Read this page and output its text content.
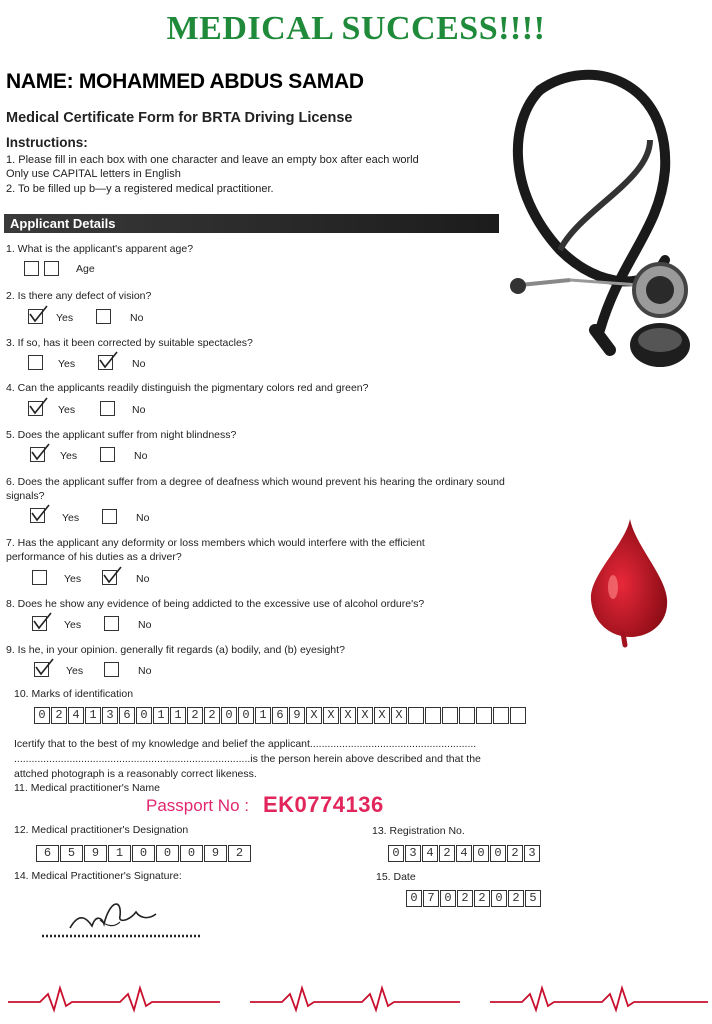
MEDICAL SUCCESS!!!!
NAME: MOHAMMED ABDUS SAMAD
Medical Certificate Form for BRTA Driving License
Instructions:
1. Please fill in each box with one character and leave an empty box after each world
Only use CAPITAL letters in English
2. To be filled up b—y a registered medical practitioner.
Applicant Details
1. What is the applicant's apparent age?
Age
2. Is there any defect of vision?
Yes	No
3. If so, has it been corrected by suitable spectacles?
Yes	No
4. Can the applicants readily distinguish the pigmentary colors red and green?
Yes	No
5. Does the applicant suffer from night blindness?
Yes	No
6. Does the applicant suffer from a degree of deafness which wound prevent his hearing the ordinary sound
signals?
Yes	No
7. Has the applicant any deformity or loss members which would interfere with the efficient
performance of his duties as a driver?
Yes	No
8. Does he show any evidence of being addicted to the excessive use of alcohol ordure's?
Yes	No
9. Is he, in your opinion. generally fit regards (a) bodily, and (b) eyesight?
Yes	No
10. Marks of identification
0 2 4 1 3 6 0 1 1 2 2 0 0 1 6 9 X X X X X X
Icertify that to the best of my knowledge and belief the applicant.........................................................
.................................................................................is the person herein above described and that the
attched photograph is a reasonably correct likeness.
11. Medical practitioner's Name
Passport No : EK0774136
12. Medical practitioner's Designation
6	5	9	1	0	0	0	9	2
13. Registration No.
0 3 4 2 4 0 0 2 3
14. Medical Practitioner's Signature:	15. Date
0 7 0 2 2 0 2 5
